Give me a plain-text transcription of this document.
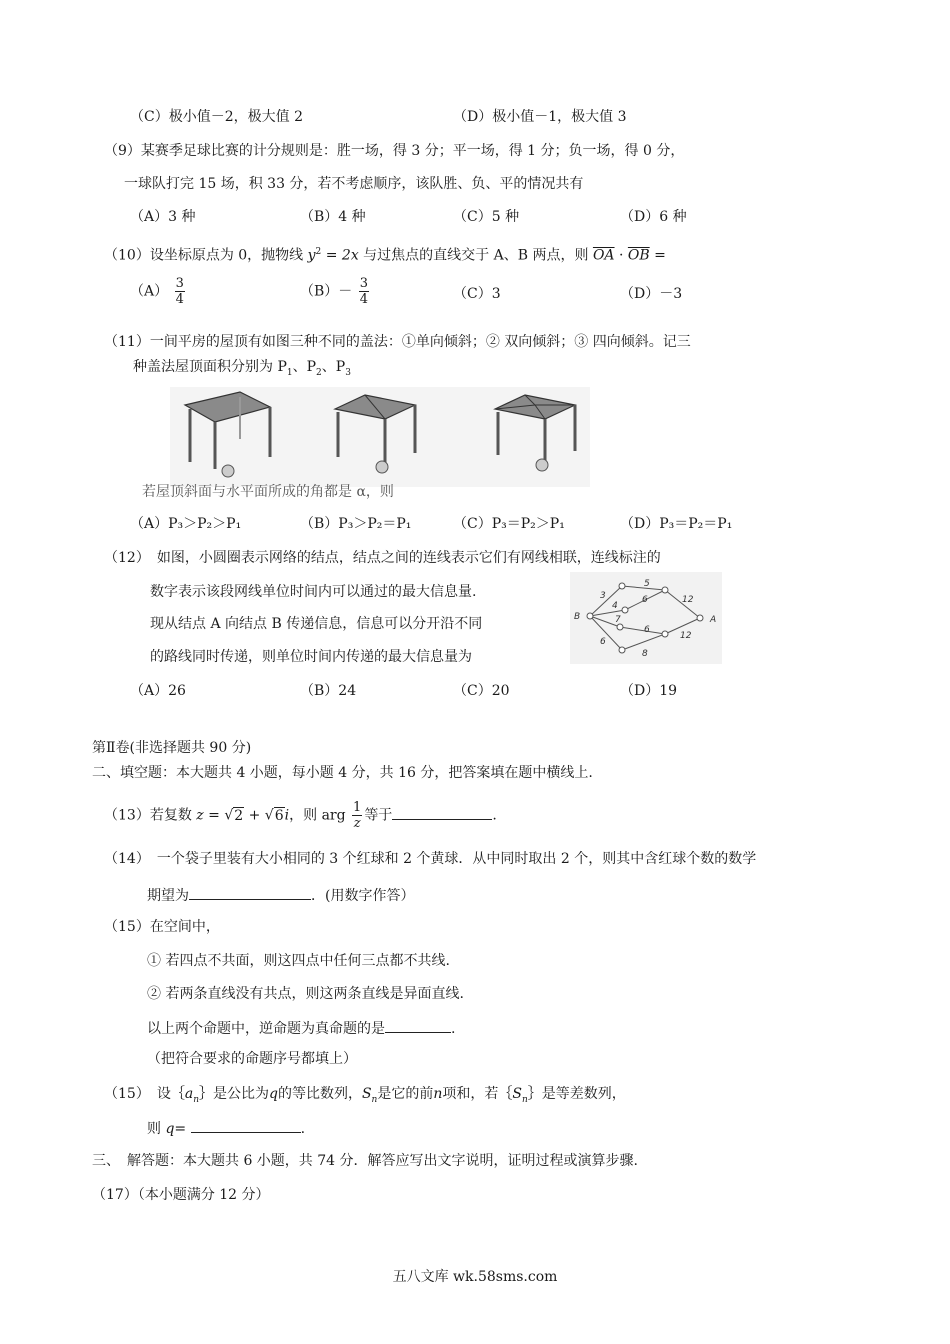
（C）极小值－2，极大值 2	（D）极小值－1，极大值 3
（9）某赛季足球比赛的计分规则是：胜一场，得 3 分；平一场，得 1 分；负一场，得 0 分，
一球队打完 15 场，积 33 分，若不考虑顺序，该队胜、负、平的情况共有
（A）3 种	（B）4 种	（C）5 种	（D）6 种
（10）设坐标原点为 0，抛物线 $y^2 = 2x$ 与过焦点的直线交于 A、B 两点，则 $\overline{OA} \cdot \overline{OB}$ =
$(A) \frac{3}{4}$	$(B)- \frac{3}{4}$	（C）3	（D）－3
（11）一间平房的屋顶有如图三种不同的盖法：①单向倾斜；② 双向倾斜；③ 四向倾斜。记三
种盖法屋顶面积分别为 $P_1$、$P_2$、$P_3$
若屋顶斜面与水平面所成的角都是 α，则
（A）P₃＞P₂＞P₁	（B）P₃＞P₂＝P₁	（C）P₃＝P₂＞P₁	（D）P₃＝P₂＝P₁
（12）　如图，小圆圈表示网络的结点，结点之间的连线表示它们有网线相联，连线标注的
数字表示该段网线单位时间内可以通过的最大信息量.
现从结点 A 向结点 B 传递信息，信息可以分开沿不同
的路线同时传递，则单位时间内传递的最大信息量为
B	A
3
4
5
6	12
7
6
12
6
8
（A）26	（B）24	（C）20	（D）19
第Ⅱ卷(非选择题共 90 分)
二、填空题：本大题共 4 小题，每小题 4 分，共 16 分，把答案填在题中横线上.
（13）若复数 z = √2 + √6i，则 arg $\frac{1}{z}$ 等于	.
（14）　一个袋子里装有大小相同的 3 个红球和 2 个黄球．从中同时取出 2 个，则其中含红球个数的数学
期望为	．(用数字作答）
（15）在空间中，
① 若四点不共面，则这四点中任何三点都不共线.
② 若两条直线没有共点，则这两条直线是异面直线.
以上两个命题中，逆命题为真命题的是	.
（把符合要求的命题序号都填上）
（15）　设$\{a_n\}$是公比为q的等比数列，$S_n$是它的前n项和，若$\{S_n\}$是等差数列，
则 q=	.
三、　解答题：本大题共 6 小题，共 74 分．解答应写出文字说明，证明过程或演算步骤.
（17）（本小题满分 12 分）
五八文库 wk.58sms.com
